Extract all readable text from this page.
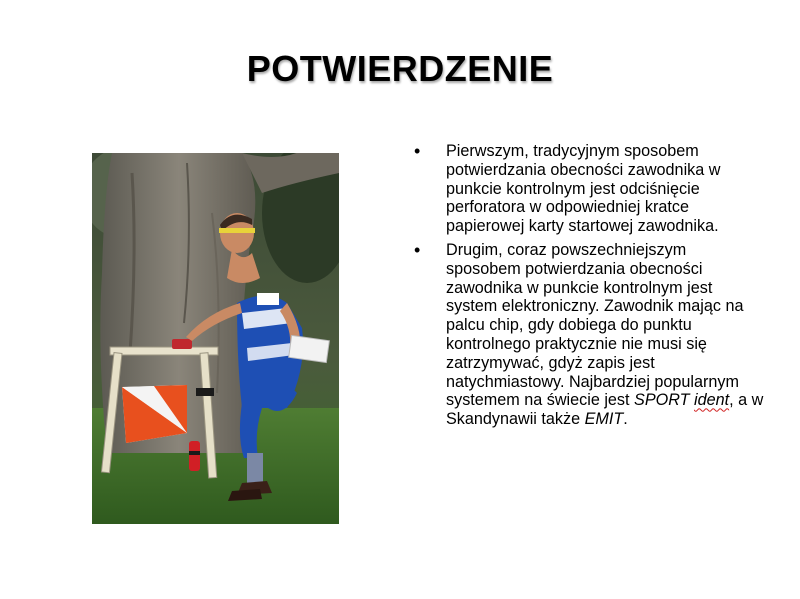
POTWIERDZENIE
• Pierwszym, tradycyjnym sposobem potwierdzania obecności zawodnika w punkcie kontrolnym jest odciśnięcie perforatora w odpowiedniej kratce papierowej karty startowej zawodnika.
• Drugim, coraz powszechniejszym sposobem potwierdzania obecności zawodnika w punkcie kontrolnym jest system elektroniczny. Zawodnik mając na palcu chip, gdy dobiega do punktu kontrolnego praktycznie nie musi się zatrzymywać, gdyż zapis jest natychmiastowy. Najbardziej popularnym systemem na świecie jest SPORT ident, a w Skandynawii także EMIT.
